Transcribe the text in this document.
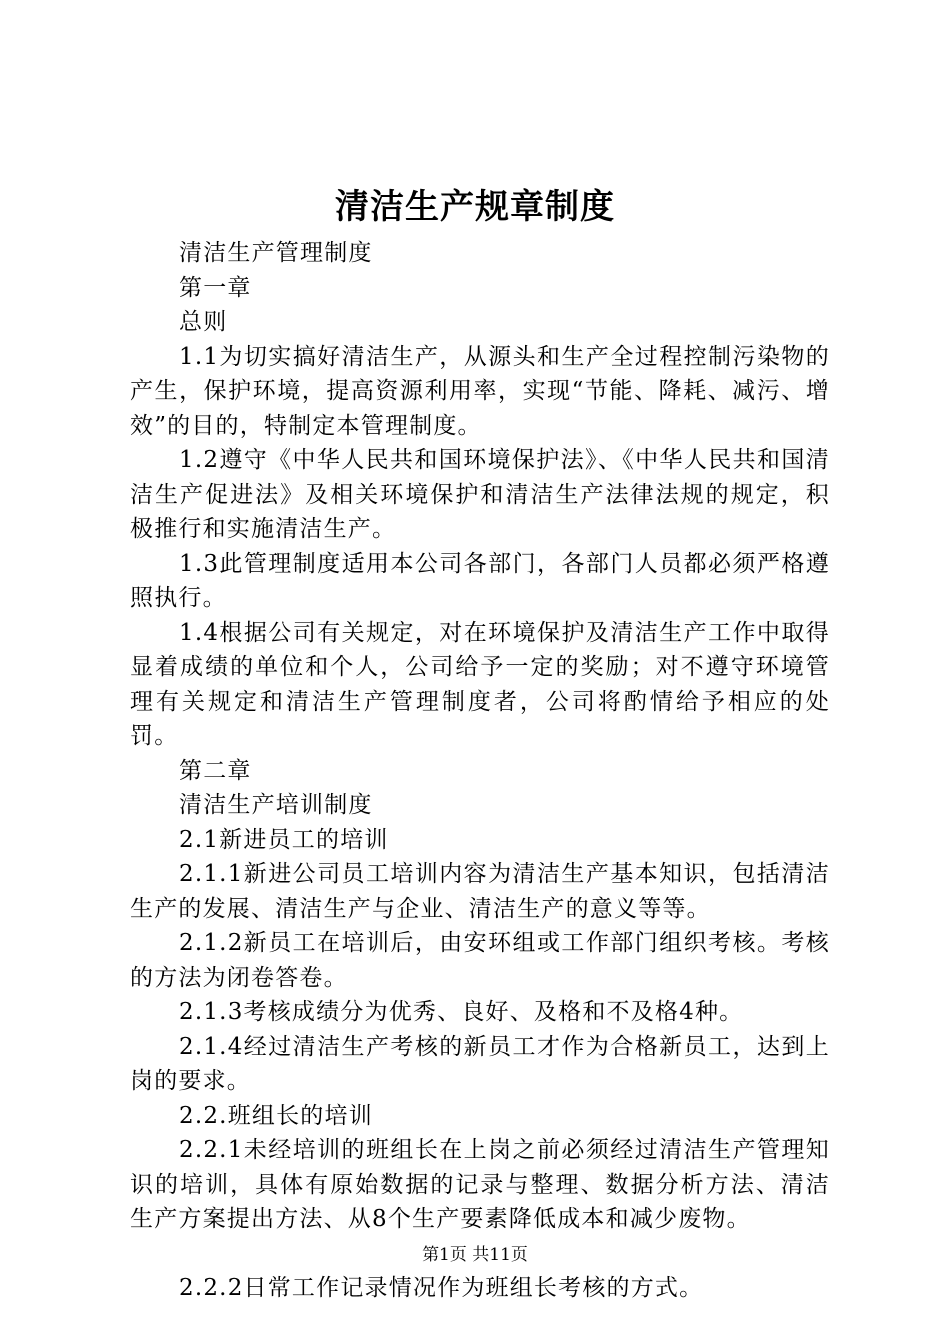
清洁生产规章制度

清洁生产管理制度

第一章

总则

1.1为切实搞好清洁生产，从源头和生产全过程控制污染物的产生，保护环境，提高资源利用率，实现“节能、降耗、减污、增效”的目的，特制定本管理制度。

1.2遵守《中华人民共和国环境保护法》、《中华人民共和国清洁生产促进法》及相关环境保护和清洁生产法律法规的规定，积极推行和实施清洁生产。

1.3此管理制度适用本公司各部门，各部门人员都必须严格遵照执行。

1.4根据公司有关规定，对在环境保护及清洁生产工作中取得显着成绩的单位和个人，公司给予一定的奖励；对不遵守环境管理有关规定和清洁生产管理制度者，公司将酌情给予相应的处罚。

第二章

清洁生产培训制度

2.1新进员工的培训

2.1.1新进公司员工培训内容为清洁生产基本知识，包括清洁生产的发展、清洁生产与企业、清洁生产的意义等等。

2.1.2新员工在培训后，由安环组或工作部门组织考核。考核的方法为闭卷答卷。

2.1.3考核成绩分为优秀、良好、及格和不及格4种。

2.1.4经过清洁生产考核的新员工才作为合格新员工，达到上岗的要求。

2.2.班组长的培训

2.2.1未经培训的班组长在上岗之前必须经过清洁生产管理知识的培训，具体有原始数据的记录与整理、数据分析方法、清洁生产方案提出方法、从8个生产要素降低成本和减少废物。

2.2.2日常工作记录情况作为班组长考核的方式。

第1页 共11页
